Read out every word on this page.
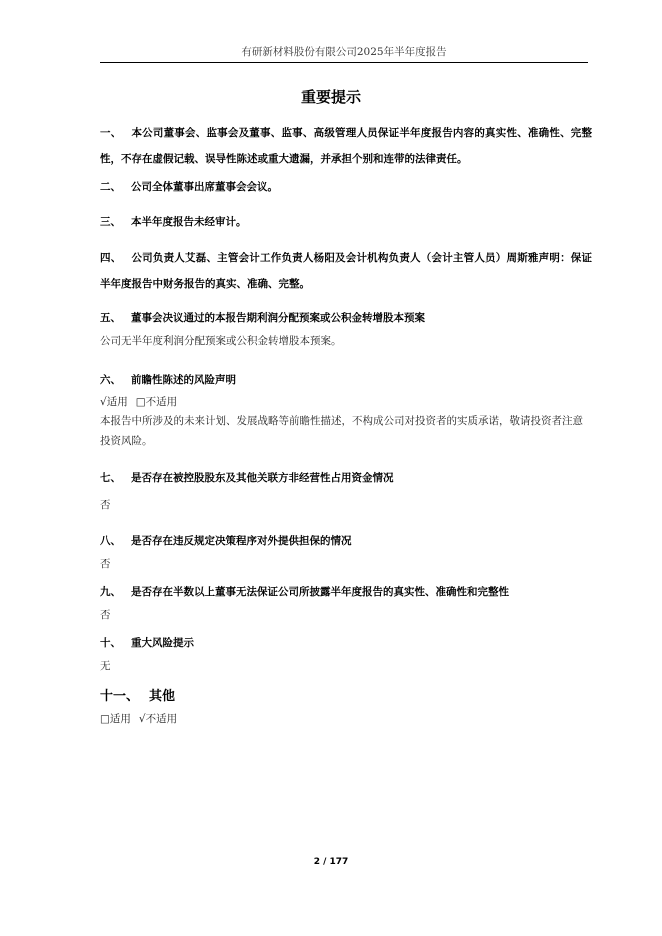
有研新材料股份有限公司2025年半年度报告
重要提示
一、 本公司董事会、监事会及董事、监事、高级管理人员保证半年度报告内容的真实性、准确性、完整性，不存在虚假记载、误导性陈述或重大遗漏，并承担个别和连带的法律责任。
二、 公司全体董事出席董事会会议。
三、 本半年度报告未经审计。
四、 公司负责人艾磊、主管会计工作负责人杨阳及会计机构负责人（会计主管人员）周斯雅声明：保证半年度报告中财务报告的真实、准确、完整。
五、 董事会决议通过的本报告期利润分配预案或公积金转增股本预案
公司无半年度利润分配预案或公积金转增股本预案。
六、 前瞻性陈述的风险声明
√适用 □不适用
本报告中所涉及的未来计划、发展战略等前瞻性描述，不构成公司对投资者的实质承诺，敬请投资者注意投资风险。
七、 是否存在被控股股东及其他关联方非经营性占用资金情况
否
八、 是否存在违反规定决策程序对外提供担保的情况
否
九、 是否存在半数以上董事无法保证公司所披露半年度报告的真实性、准确性和完整性
否
十、 重大风险提示
无
十一、 其他
□适用 √不适用
2 / 177
